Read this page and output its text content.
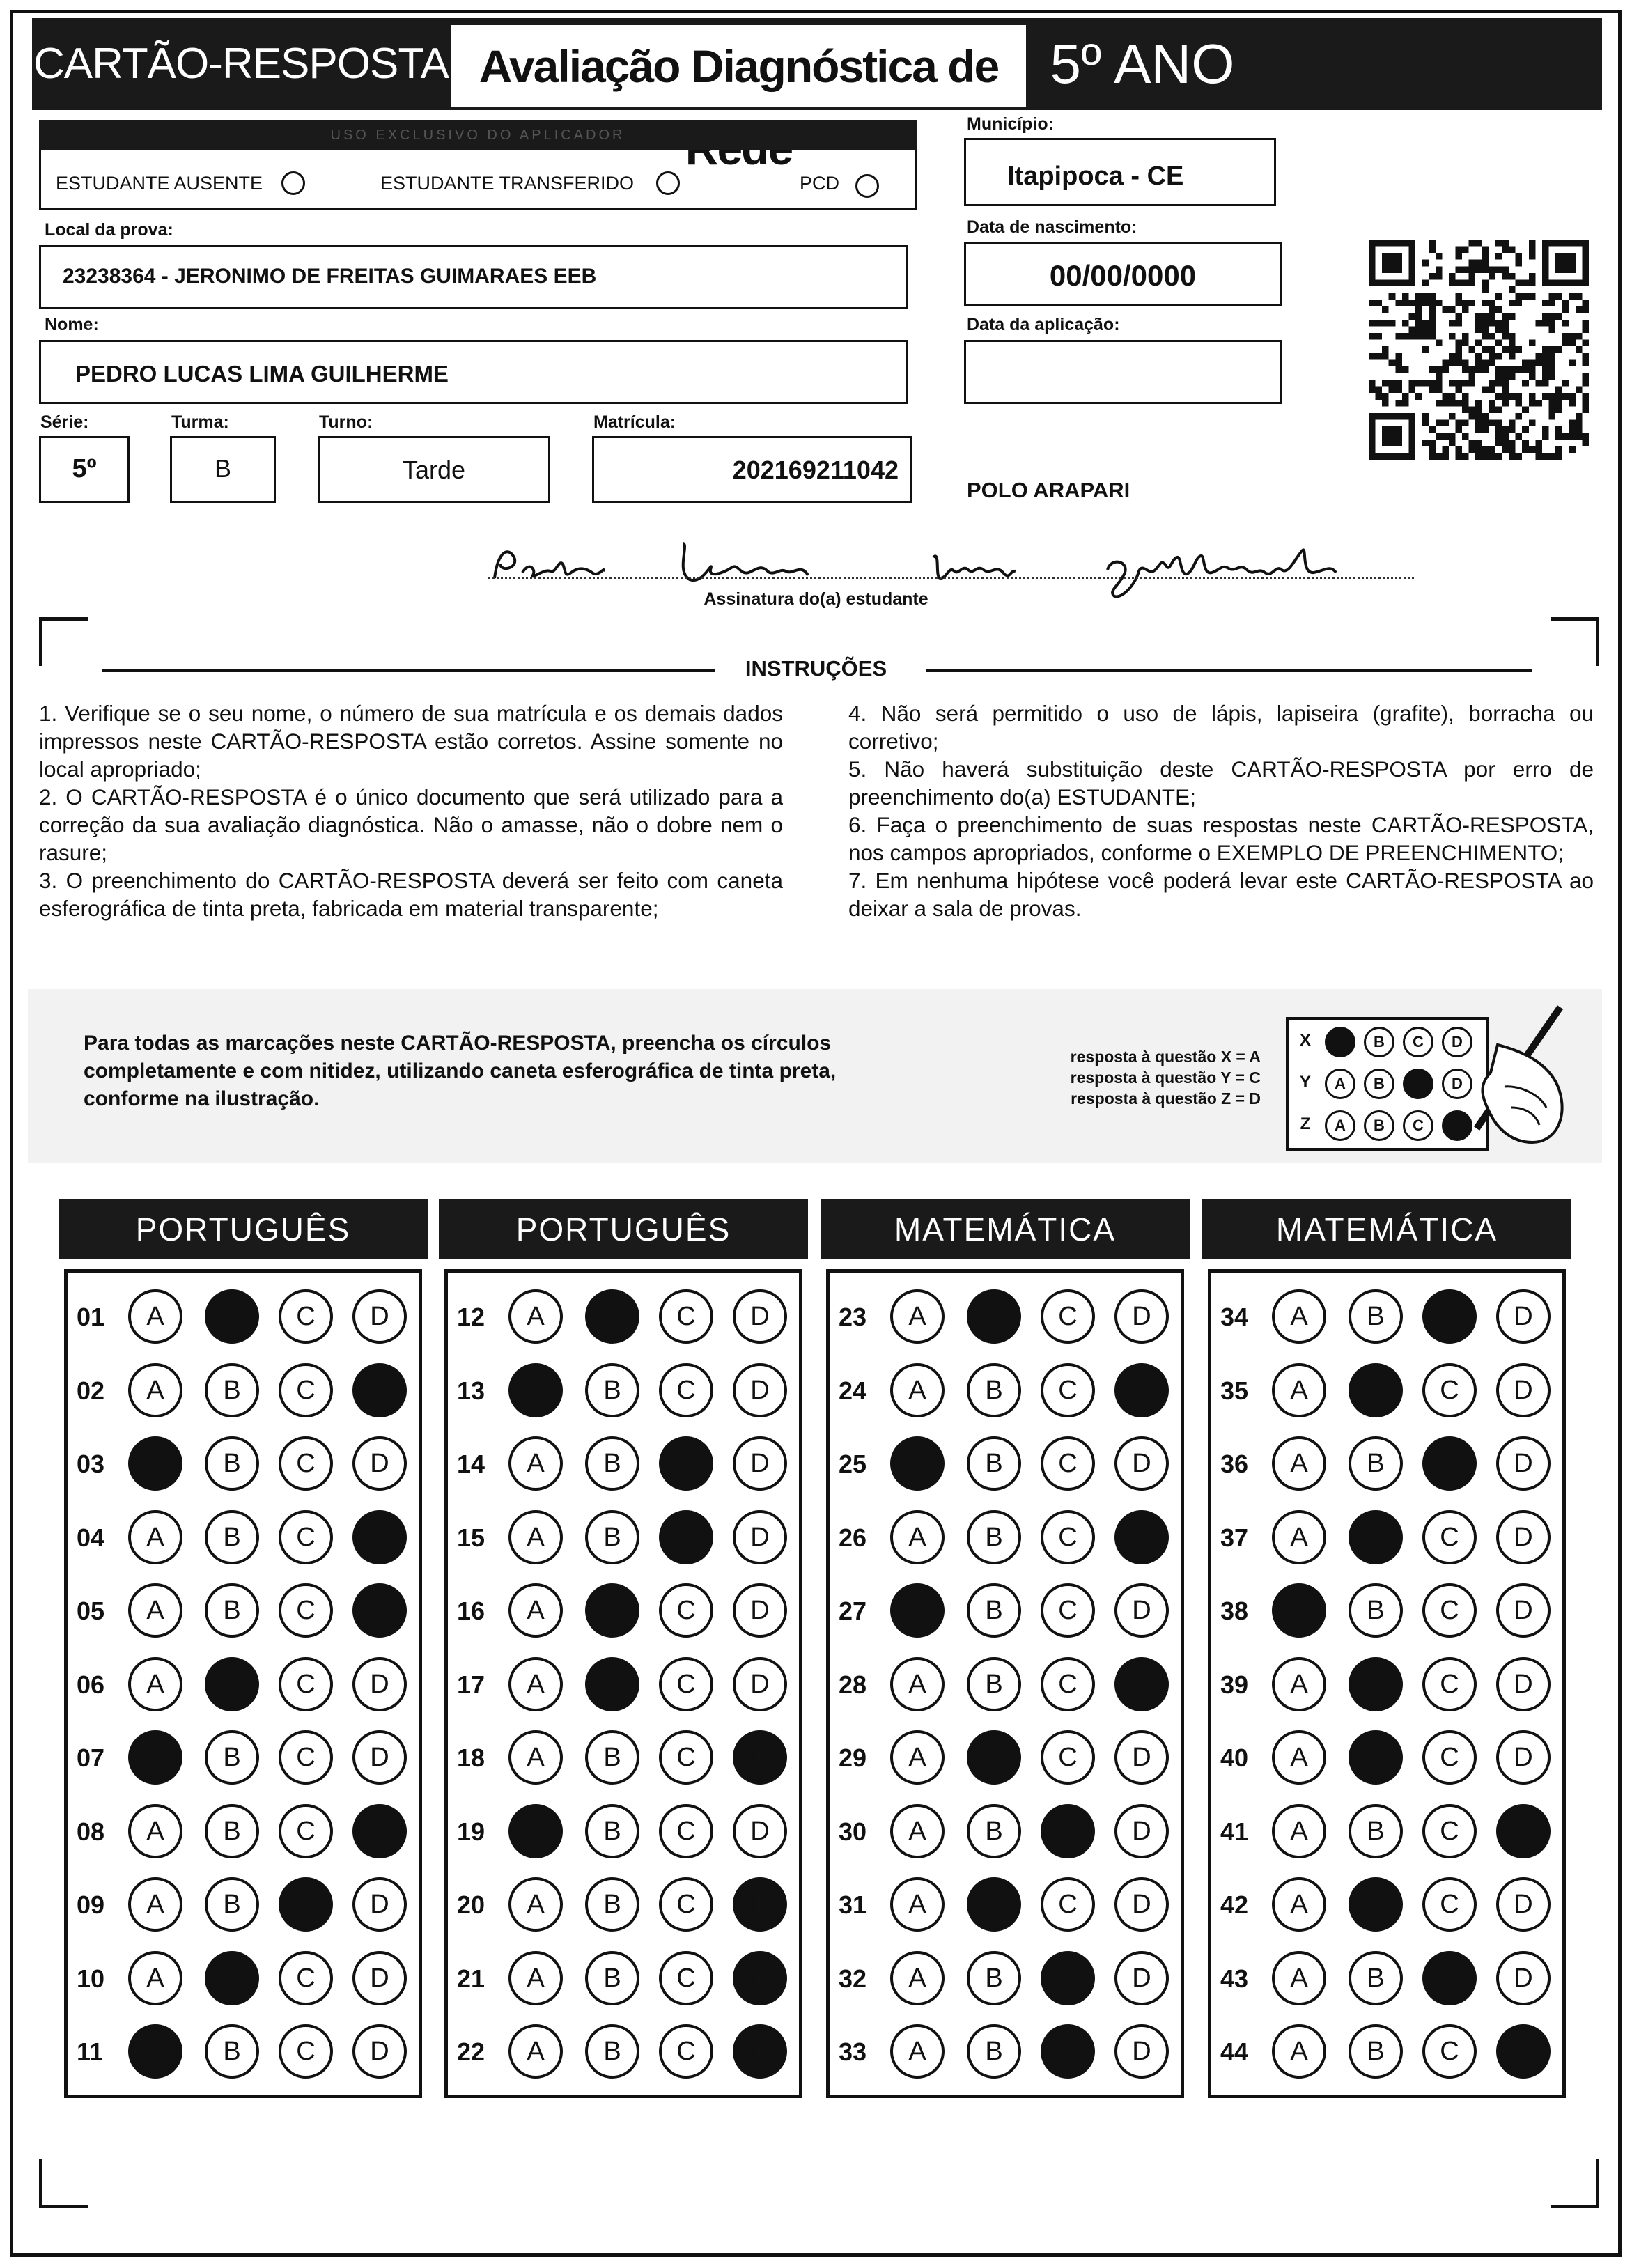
CARTÃO-RESPOSTA Avaliação Diagnóstica de 5º ANO
USO EXCLUSIVO DO APLICADOR
ESTUDANTE AUSENTE	ESTUDANTE TRANSFERIDO	PCD
Local da prova:
23238364 - JERONIMO DE FREITAS GUIMARAES EEB
Nome:
PEDRO LUCAS LIMA GUILHERME
Série:
5º
Turma:
B
Turno:
Tarde
Matrícula:
202169211042
Município:
Itapipoca - CE
Data de nascimento:
00/00/0000
Data da aplicação:
POLO ARAPARI
Assinatura do(a) estudante
INSTRUÇÕES

1. Verifique se o seu nome, o número de sua matrícula e os demais dados impressos neste CARTÃO-RESPOSTA estão corretos. Assine somente no local apropriado;

2. O CARTÃO-RESPOSTA é o único documento que será utilizado para a correção da sua avaliação diagnóstica. Não o amasse, não o dobre nem o rasure;

3. O preenchimento do CARTÃO-RESPOSTA deverá ser feito com caneta esferográfica de tinta preta, fabricada em material transparente;

4. Não será permitido o uso de lápis, lapiseira (grafite), borracha ou corretivo;

5. Não haverá substituição deste CARTÃO-RESPOSTA por erro de preenchimento do(a) ESTUDANTE;

6. Faça o preenchimento de suas respostas neste CARTÃO-RESPOSTA, nos campos apropriados, conforme o EXEMPLO DE PREENCHIMENTO;

7. Em nenhuma hipótese você poderá levar este CARTÃO-RESPOSTA ao deixar a sala de provas.

Para todas as marcações neste CARTÃO-RESPOSTA, preencha os círculos completamente e com nitidez, utilizando caneta esferográfica de tinta preta, conforme na ilustração.
resposta à questão X = A
resposta à questão Y = C
resposta à questão Z = D
X	A	B	C	D
Y	A	B	C	D
Z	A	B	C	D
PORTUGUÊS
01	A	B	C	D
02	A	B	C	D
03	A	B	C	D
04	A	B	C	D
05	A	B	C	D
06	A	B	C	D
07	A	B	C	D
08	A	B	C	D
09	A	B	C	D
10	A	B	C	D
11	A	B	C	D
PORTUGUÊS
12	A	B	C	D
13	A	B	C	D
14	A	B	C	D
15	A	B	C	D
16	A	B	C	D
17	A	B	C	D
18	A	B	C	D
19	A	B	C	D
20	A	B	C	D
21	A	B	C	D
22	A	B	C	D
MATEMÁTICA
23	A	B	C	D
24	A	B	C	D
25	A	B	C	D
26	A	B	C	D
27	A	B	C	D
28	A	B	C	D
29	A	B	C	D
30	A	B	C	D
31	A	B	C	D
32	A	B	C	D
33	A	B	C	D
MATEMÁTICA
34	A	B	C	D
35	A	B	C	D
36	A	B	C	D
37	A	B	C	D
38	A	B	C	D
39	A	B	C	D
40	A	B	C	D
41	A	B	C	D
42	A	B	C	D
43	A	B	C	D
44	A	B	C	D
